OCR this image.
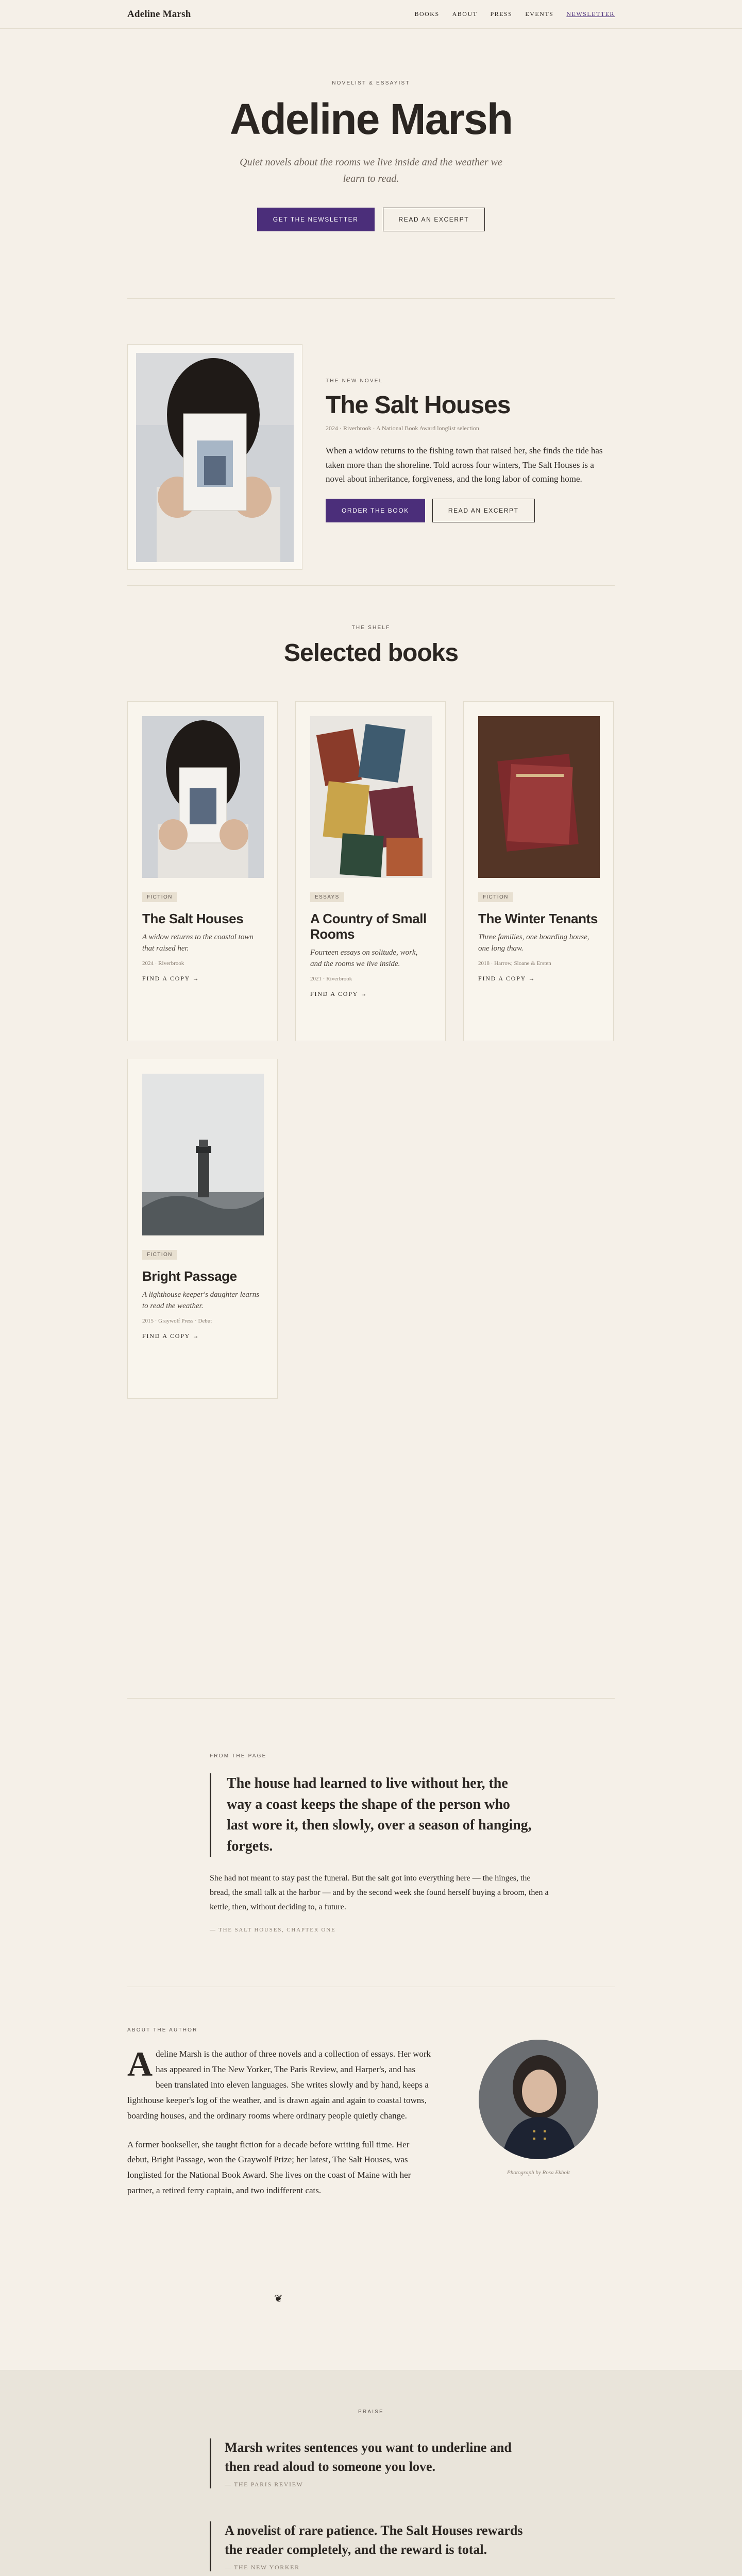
Adeline Marsh	BOOKS ABOUT PRESS EVENTS NEWSLETTER
NOVELIST & ESSAYIST
Adeline Marsh

Quiet novels about the rooms we live inside and the weather we learn to read.

GET THE NEWSLETTER	READ AN EXCERPT
THE NEW NOVEL
The Salt Houses
2024 · Riverbrook · A National Book Award longlist selection

When a widow returns to the fishing town that raised her, she finds the tide has taken more than the shoreline. Told across four winters, The Salt Houses is a novel about inheritance, forgiveness, and the long labor of coming home.

ORDER THE BOOK	READ AN EXCERPT
THE SHELF
Selected books
FICTION
The Salt Houses

A widow returns to the coastal town that raised her.

2024 · Riverbrook
FIND A COPY →
ESSAYS
A Country of Small Rooms

Fourteen essays on solitude, work, and the rooms we live inside.

2021 · Riverbrook
FIND A COPY →
FICTION
The Winter Tenants

Three families, one boarding house, one long thaw.

2018 · Harrow, Sloane & Ersten
FIND A COPY →
FICTION
Bright Passage

A lighthouse keeper's daughter learns to read the weather.

2015 · Graywolf Press · Debut
FIND A COPY →
FROM THE PAGE
The house had learned to live without her, the way a coast keeps the shape of the person who last wore it, then slowly, over a season of hanging, forgets.

She had not meant to stay past the funeral. But the salt got into everything here — the hinges, the bread, the small talk at the harbor — and by the second week she found herself buying a broom, then a kettle, then, without deciding to, a future.

— THE SALT HOUSES, CHAPTER ONE
ABOUT THE AUTHOR

Adeline Marsh is the author of three novels and a collection of essays. Her work has appeared in The New Yorker, The Paris Review, and Harper's, and has been translated into eleven languages. She writes slowly and by hand, keeps a lighthouse keeper's log of the weather, and is drawn again and again to coastal towns, boarding houses, and the ordinary rooms where ordinary people quietly change.

A former bookseller, she taught fiction for a decade before writing full time. Her debut, Bright Passage, won the Graywolf Prize; her latest, The Salt Houses, was longlisted for the National Book Award. She lives on the coast of Maine with her partner, a retired ferry captain, and two indifferent cats.

Photograph by Rosa Ekholt
❦
PRAISE
Marsh writes sentences you want to underline and then read aloud to someone you love.
— THE PARIS REVIEW
A novelist of rare patience. The Salt Houses rewards the reader completely, and the reward is total.
— THE NEW YORKER
